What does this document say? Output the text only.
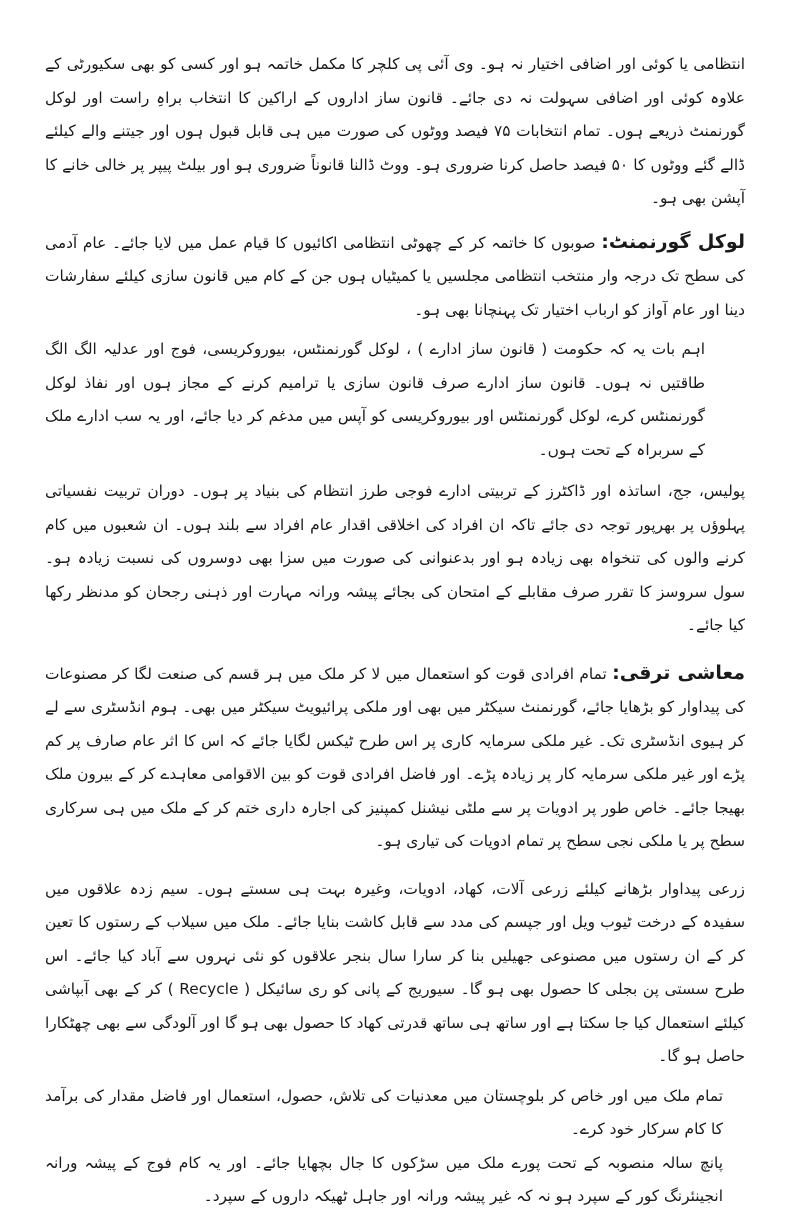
انتظامی یا کوئی اور اضافی اختیار نہ ہو۔ وی آئی پی کلچر کا مکمل خاتمہ ہو اور کسی کو بھی سکیورٹی کے علاوہ کوئی اور اضافی سہولت نہ دی جائے۔ قانون ساز اداروں کے اراکین کا انتخاب براہِ راست اور لوکل گورنمنٹ ذریعے ہوں۔ تمام انتخابات ٧۵ فیصد ووٹوں کی صورت میں ہی قابل قبول ہوں اور جیتنے والے کیلئے ڈالے گئے ووٹوں کا ۵٠ فیصد حاصل کرنا ضروری ہو۔ ووٹ ڈالنا قانوناً ضروری ہو اور بیلٹ پیپر پر خالی خانے کا آپشن بھی ہو۔

لوکل گورنمنٹ: صوبوں کا خاتمہ کر کے چھوٹی انتظامی اکائیوں کا قیام عمل میں لایا جائے۔ عام آدمی کی سطح تک درجہ وار منتخب انتظامی مجلسیں یا کمیٹیاں ہوں جن کے کام میں قانون سازی کیلئے سفارشات دینا اور عام آواز کو ارباب اختیار تک پہنچانا بھی ہو۔

اہم بات یہ کہ حکومت ( قانون ساز ادارے ) ، لوکل گورنمنٹس، بیوروکریسی، فوج اور عدلیہ الگ الگ طاقتیں نہ ہوں۔ قانون ساز ادارے صرف قانون سازی یا ترامیم کرنے کے مجاز ہوں اور نفاذ لوکل گورنمنٹس کرے، لوکل گورنمنٹس اور بیوروکریسی کو آپس میں مدغم کر دیا جائے، اور یہ سب ادارے ملک کے سربراہ کے تحت ہوں۔

پولیس، جج، اساتذہ اور ڈاکٹرز کے تربیتی ادارے فوجی طرز انتظام کی بنیاد پر ہوں۔ دوران تربیت نفسیاتی پہلوؤں پر بھرپور توجہ دی جائے تاکہ ان افراد کی اخلاقی اقدار عام افراد سے بلند ہوں۔ ان شعبوں میں کام کرنے والوں کی تنخواہ بھی زیادہ ہو اور بدعنوانی کی صورت میں سزا بھی دوسروں کی نسبت زیادہ ہو۔ سول سروسز کا تقرر صرف مقابلے کے امتحان کی بجائے پیشہ ورانہ مہارت اور ذہنی رجحان کو مدنظر رکھا کیا جائے۔

معاشی ترقی: تمام افرادی قوت کو استعمال میں لا کر ملک میں ہر قسم کی صنعت لگا کر مصنوعات کی پیداوار کو بڑھایا جائے، گورنمنٹ سیکٹر میں بھی اور ملکی پرائیویٹ سیکٹر میں بھی۔ ہوم انڈسٹری سے لے کر ہیوی انڈسٹری تک۔ غیر ملکی سرمایہ کاری پر اس طرح ٹیکس لگایا جائے کہ اس کا اثر عام صارف پر کم پڑے اور غیر ملکی سرمایہ کار پر زیادہ پڑے۔ اور فاضل افرادی قوت کو بین الاقوامی معاہدے کر کے بیرون ملک بھیجا جائے۔ خاص طور پر ادویات پر سے ملٹی نیشنل کمپنیز کی اجارہ داری ختم کر کے ملک میں ہی سرکاری سطح پر یا ملکی نجی سطح پر تمام ادویات کی تیاری ہو۔

زرعی پیداوار بڑھانے کیلئے زرعی آلات، کھاد، ادویات، وغیرہ بہت ہی سستے ہوں۔ سیم زدہ علاقوں میں سفیدہ کے درخت ٹیوب ویل اور جپسم کی مدد سے قابل کاشت بنایا جائے۔ ملک میں سیلاب کے رستوں کا تعین کر کے ان رستوں میں مصنوعی جھیلیں بنا کر سارا سال بنجر علاقوں کو نئی نہروں سے آباد کیا جائے۔ اس طرح سستی پن بجلی کا حصول بھی ہو گا۔ سیوریج کے پانی کو ری سائیکل ( Recycle ) کر کے بھی آبپاشی کیلئے استعمال کیا جا سکتا ہے اور ساتھ ہی ساتھ قدرتی کھاد کا حصول بھی ہو گا اور آلودگی سے بھی چھٹکارا حاصل ہو گا۔

تمام ملک میں اور خاص کر بلوچستان میں معدنیات کی تلاش، حصول، استعمال اور فاضل مقدار کی برآمد کا کام سرکار خود کرے۔

پانچ سالہ منصوبہ کے تحت پورے ملک میں سڑکوں کا جال بچھایا جائے۔ اور یہ کام فوج کے پیشہ ورانہ انجینئرنگ کور کے سپرد ہو نہ کہ غیر پیشہ ورانہ اور جاہل ٹھیکہ داروں کے سپرد۔
